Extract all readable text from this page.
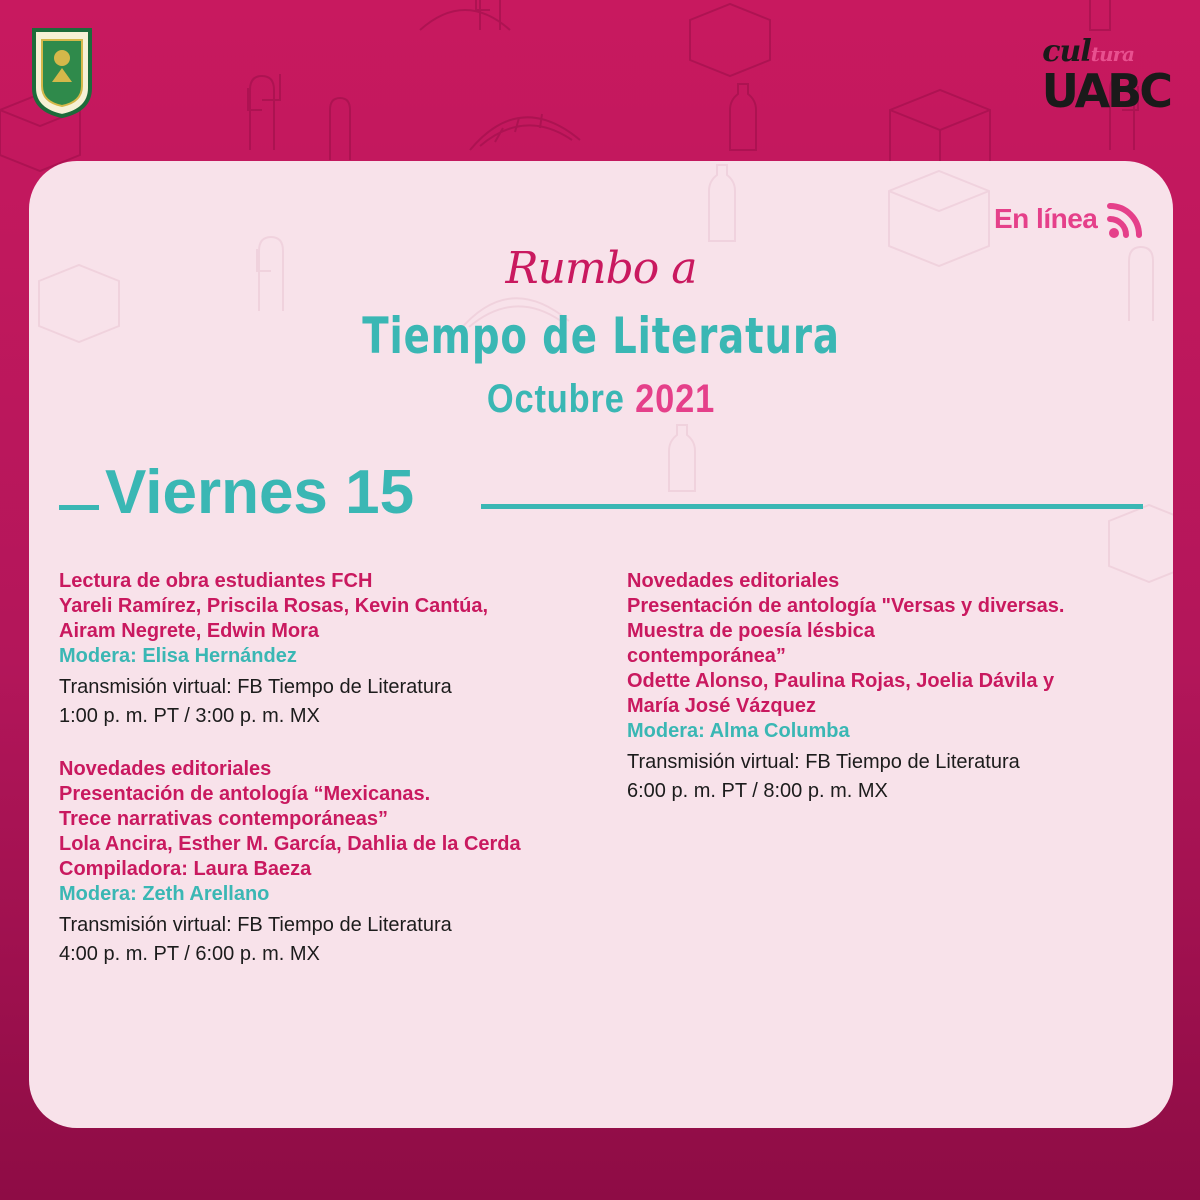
cultura
UABC
En línea
Rumbo a
Tiempo de Literatura
Octubre 2021
Viernes 15

Lectura de obra estudiantes FCH

Yareli Ramírez, Priscila Rosas, Kevin Cantúa,

Airam Negrete, Edwin Mora

Modera: Elisa Hernández

Transmisión virtual: FB Tiempo de Literatura

1:00 p. m. PT / 3:00 p. m. MX

Novedades editoriales

Presentación de antología “Mexicanas.

Trece narrativas contemporáneas”

Lola Ancira, Esther M. García, Dahlia de la Cerda

Compiladora: Laura Baeza

Modera: Zeth Arellano

Transmisión virtual: FB Tiempo de Literatura

4:00 p. m. PT / 6:00 p. m. MX

Novedades editoriales

Presentación de antología "Versas y diversas.

Muestra de poesía lésbica

contemporánea”

Odette Alonso, Paulina Rojas, Joelia Dávila y

María José Vázquez

Modera: Alma Columba

Transmisión virtual: FB Tiempo de Literatura

6:00 p. m. PT / 8:00 p. m. MX
